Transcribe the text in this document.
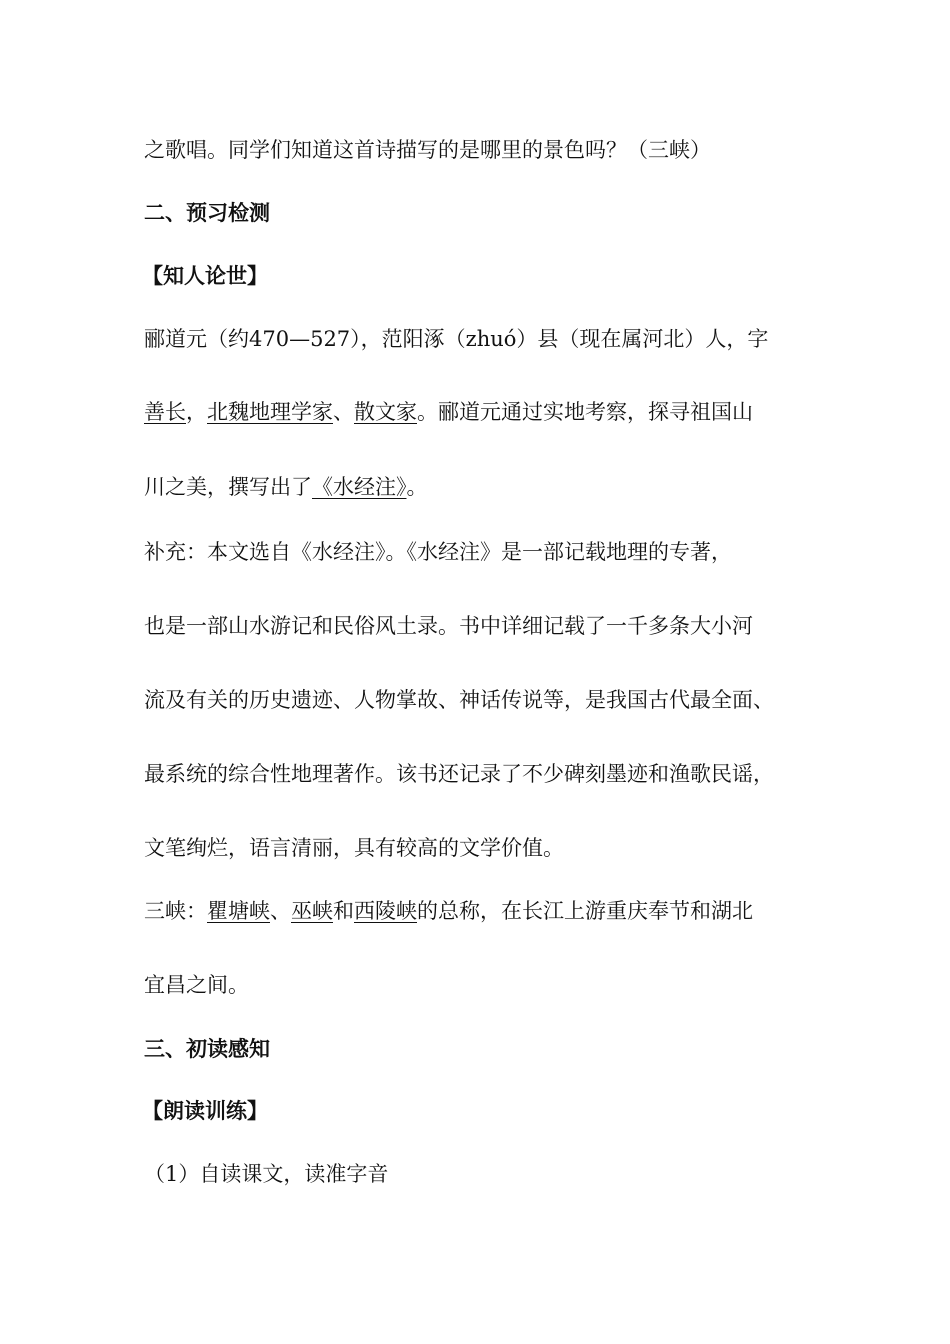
之歌唱。同学们知道这首诗描写的是哪里的景色吗？（三峡）
二、预习检测
【知人论世】
郦道元（约470—527），范阳涿（zhuó）县（现在属河北）人，字
善长，北魏地理学家、散文家。郦道元通过实地考察，探寻祖国山
川之美，撰写出了《水经注》。
补充：本文选自《水经注》。《水经注》是一部记载地理的专著，
也是一部山水游记和民俗风土录。书中详细记载了一千多条大小河
流及有关的历史遗迹、人物掌故、神话传说等，是我国古代最全面、
最系统的综合性地理著作。该书还记录了不少碑刻墨迹和渔歌民谣，
文笔绚烂，语言清丽，具有较高的文学价值。
三峡：瞿塘峡、巫峡和西陵峡的总称，在长江上游重庆奉节和湖北
宜昌之间。
三、初读感知
【朗读训练】
（1）自读课文，读准字音
